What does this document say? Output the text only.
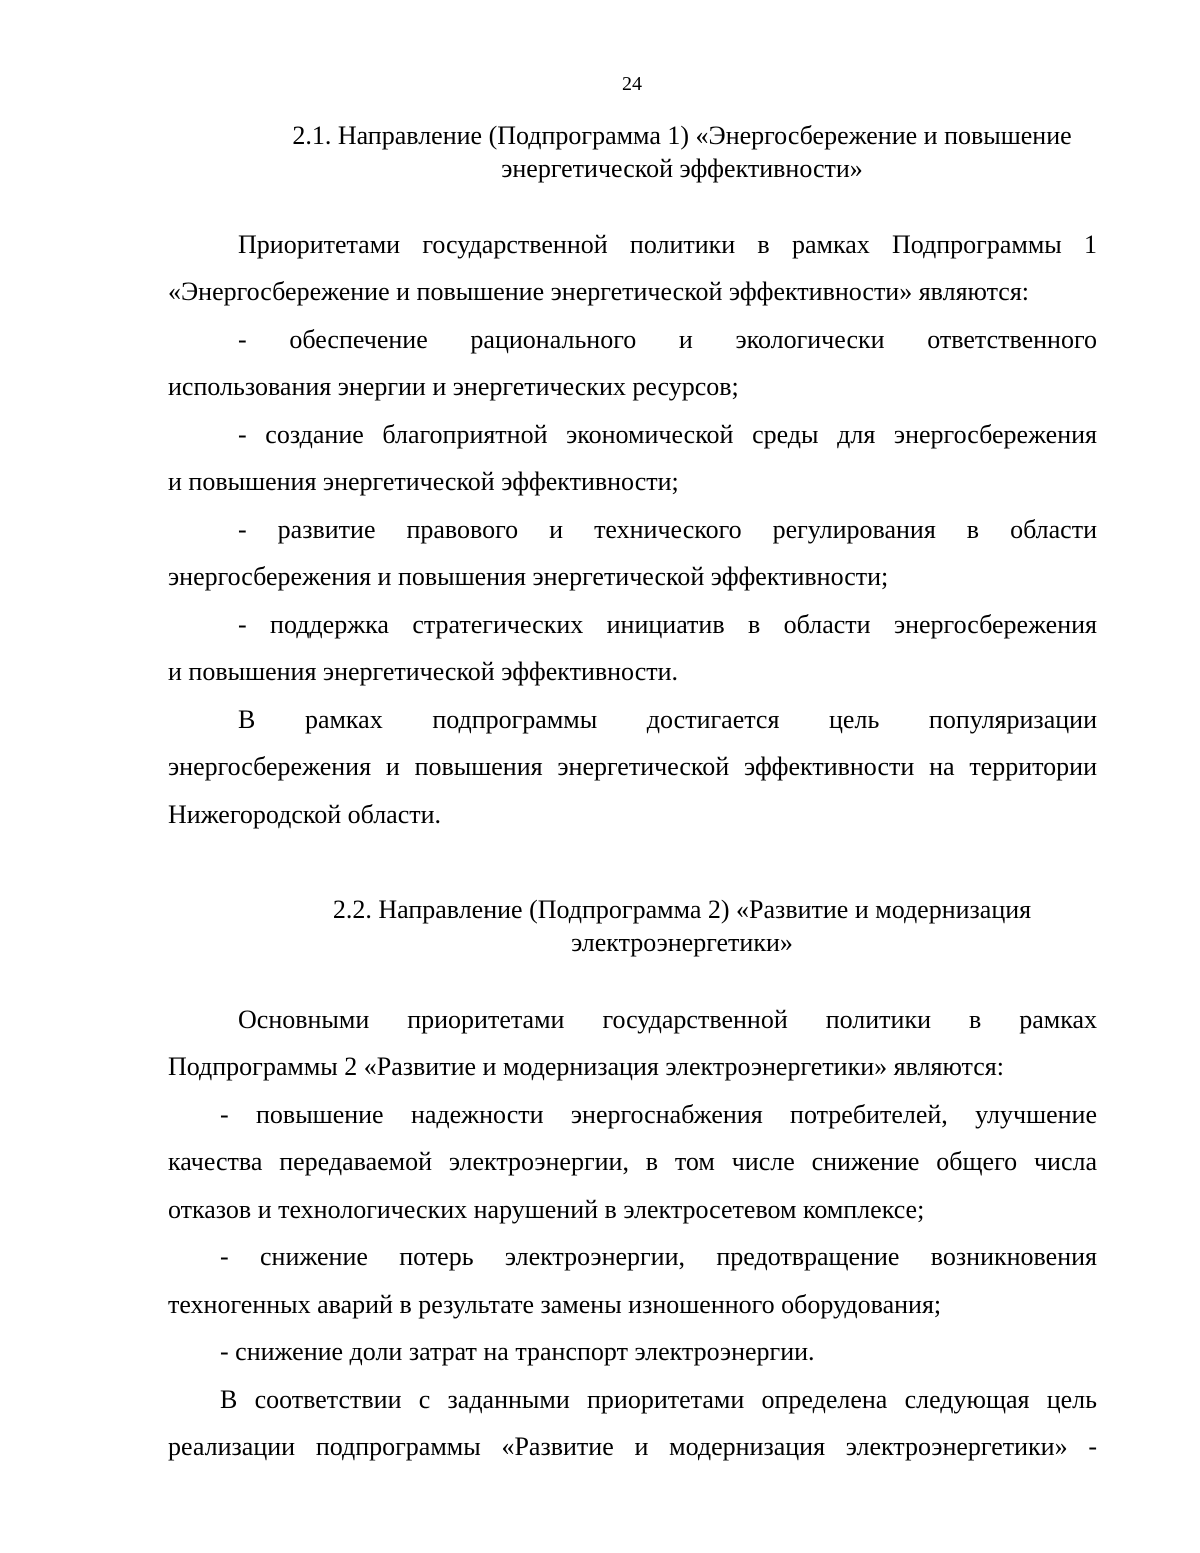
24
2.1. Направление (Подпрограмма 1) «Энергосбережение и повышение
энергетической эффективности»
Приоритетами государственной политики в рамках Подпрограммы 1
«Энергосбережение и повышение энергетической эффективности» являются:
- обеспечение рационального и экологически ответственного
использования энергии и энергетических ресурсов;
- создание благоприятной экономической среды для энергосбережения
и повышения энергетической эффективности;
- развитие правового и технического регулирования в области
энергосбережения и повышения энергетической эффективности;
- поддержка стратегических инициатив в области энергосбережения
и повышения энергетической эффективности.
В рамках подпрограммы достигается цель популяризации
энергосбережения и повышения энергетической эффективности на территории
Нижегородской области.
2.2. Направление (Подпрограмма 2) «Развитие и модернизация
электроэнергетики»
Основными приоритетами государственной политики в рамках
Подпрограммы 2 «Развитие и модернизация электроэнергетики» являются:
- повышение надежности энергоснабжения потребителей, улучшение
качества передаваемой электроэнергии, в том числе снижение общего числа
отказов и технологических нарушений в электросетевом комплексе;
- снижение потерь электроэнергии, предотвращение возникновения
техногенных аварий в результате замены изношенного оборудования;
- снижение доли затрат на транспорт электроэнергии.
В соответствии с заданными приоритетами определена следующая цель
реализации подпрограммы «Развитие и модернизация электроэнергетики» -
